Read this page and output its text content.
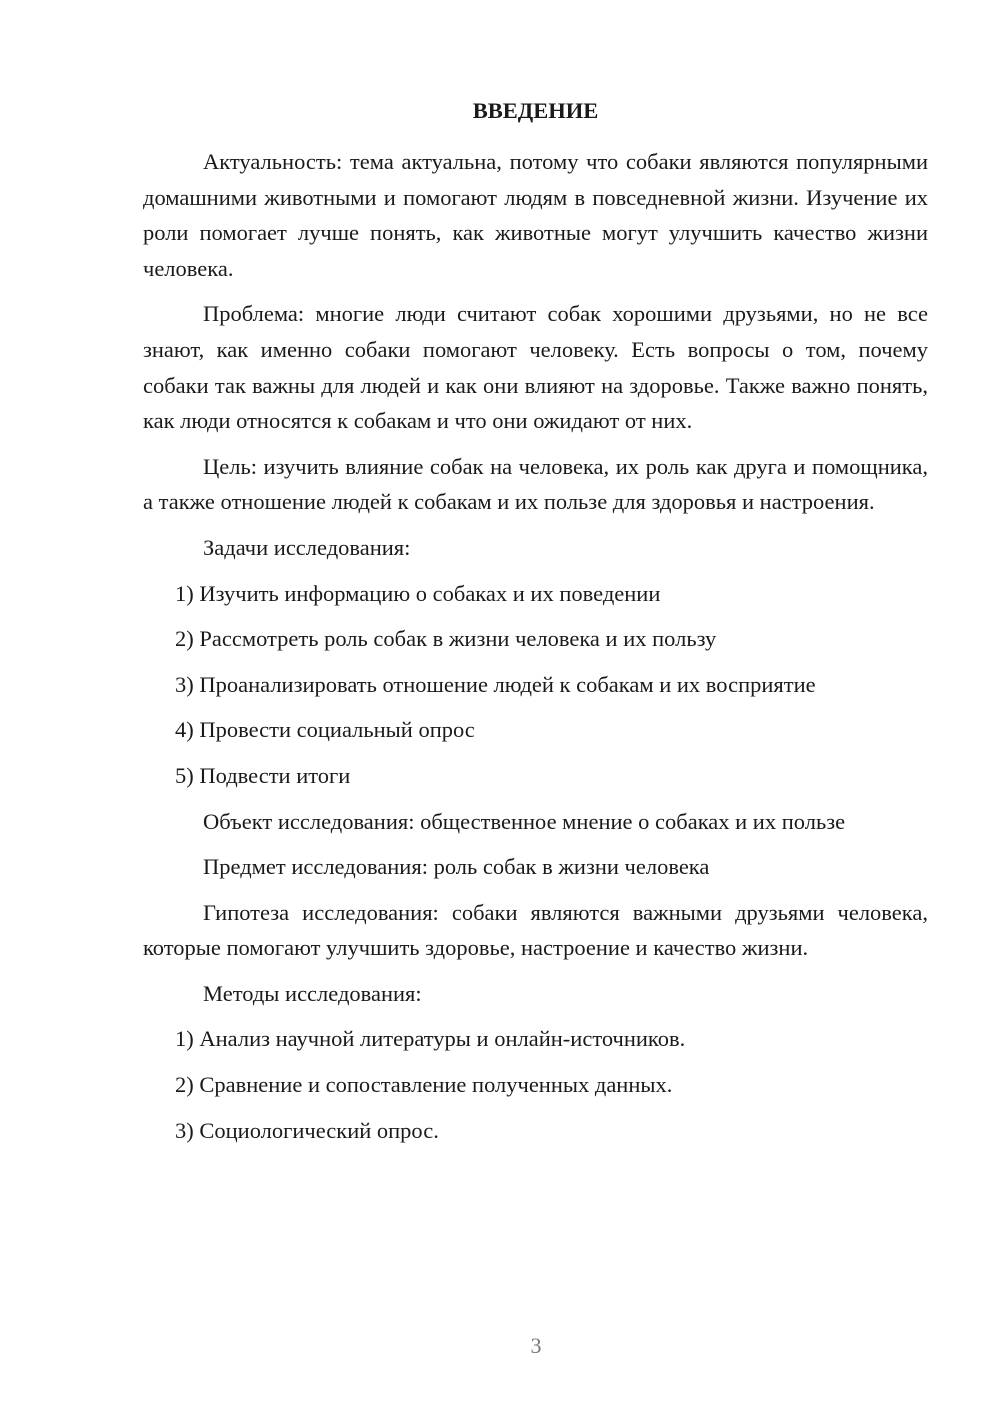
ВВЕДЕНИЕ

Актуальность: тема актуальна, потому что собаки являются популярными домашними животными и помогают людям в повседневной жизни. Изучение их роли помогает лучше понять, как животные могут улучшить качество жизни человека.

Проблема: многие люди считают собак хорошими друзьями, но не все знают, как именно собаки помогают человеку. Есть вопросы о том, почему собаки так важны для людей и как они влияют на здоровье. Также важно понять, как люди относятся к собакам и что они ожидают от них.

Цель: изучить влияние собак на человека, их роль как друга и помощника, а также отношение людей к собакам и их пользе для здоровья и настроения.

Задачи исследования:
1) Изучить информацию о собаках и их поведении
2) Рассмотреть роль собак в жизни человека и их пользу
3) Проанализировать отношение людей к собакам и их восприятие
4) Провести социальный опрос
5) Подвести итоги
Объект исследования: общественное мнение о собаках и их пользе
Предмет исследования: роль собак в жизни человека

Гипотеза исследования: собаки являются важными друзьями человека, которые помогают улучшить здоровье, настроение и качество жизни.

Методы исследования:
1) Анализ научной литературы и онлайн-источников.
2) Сравнение и сопоставление полученных данных.
3) Социологический опрос.
3
